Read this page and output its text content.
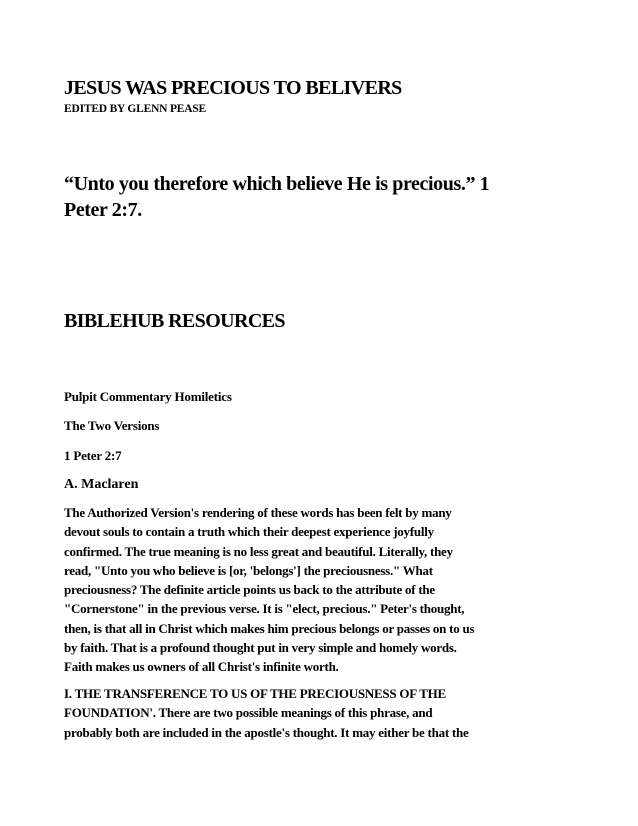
JESUS WAS PRECIOUS TO BELIVERS
EDITED BY GLENN PEASE
“Unto you therefore which believe He is precious.” 1
Peter 2:7.
BIBLEHUB RESOURCES
Pulpit Commentary Homiletics
The Two Versions
1 Peter 2:7
A. Maclaren
The Authorized Version's rendering of these words has been felt by many
devout souls to contain a truth which their deepest experience joyfully
confirmed. The true meaning is no less great and beautiful. Literally, they
read, "Unto you who believe is [or, 'belongs'] the preciousness." What
preciousness? The definite article points us back to the attribute of the
"Cornerstone" in the previous verse. It is "elect, precious." Peter's thought,
then, is that all in Christ which makes him precious belongs or passes on to us
by faith. That is a profound thought put in very simple and homely words.
Faith makes us owners of all Christ's infinite worth.
I. THE TRANSFERENCE TO US OF THE PRECIOUSNESS OF THE
FOUNDATION'. There are two possible meanings of this phrase, and
probably both are included in the apostle's thought. It may either be that the
